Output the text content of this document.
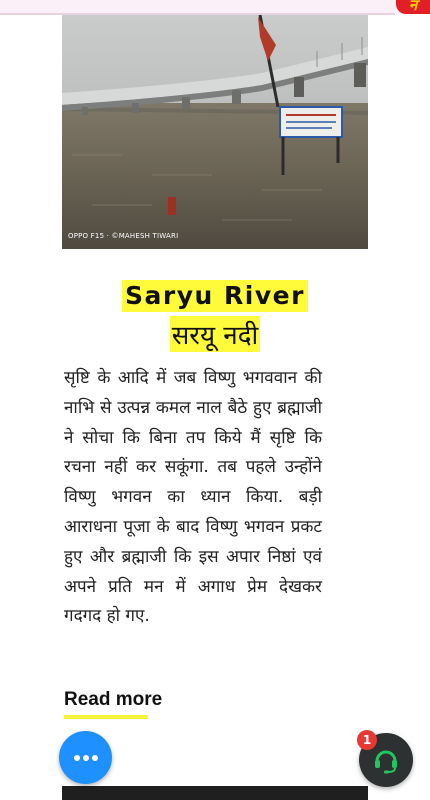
न
OPPO F15 · ©MAHESH TIWARI
Saryu River
सरयू नदी

सृष्टि के आदि में जब विष्णु भगववान की नाभि से उत्पन्न कमल नाल बैठे हुए ब्रह्माजी ने सोचा कि बिना तप किये मैं सृष्टि कि रचना नहीं कर सकूंगा. तब पहले उन्होंने विष्णु भगवन का ध्यान किया. बड़ी आराधना पूजा के बाद विष्णु भगवन प्रकट हुए और ब्रह्माजी कि इस अपार निष्ठां एवं अपने प्रति मन में अगाध प्रेम देखकर गदगद हो गए.

Read more
1
